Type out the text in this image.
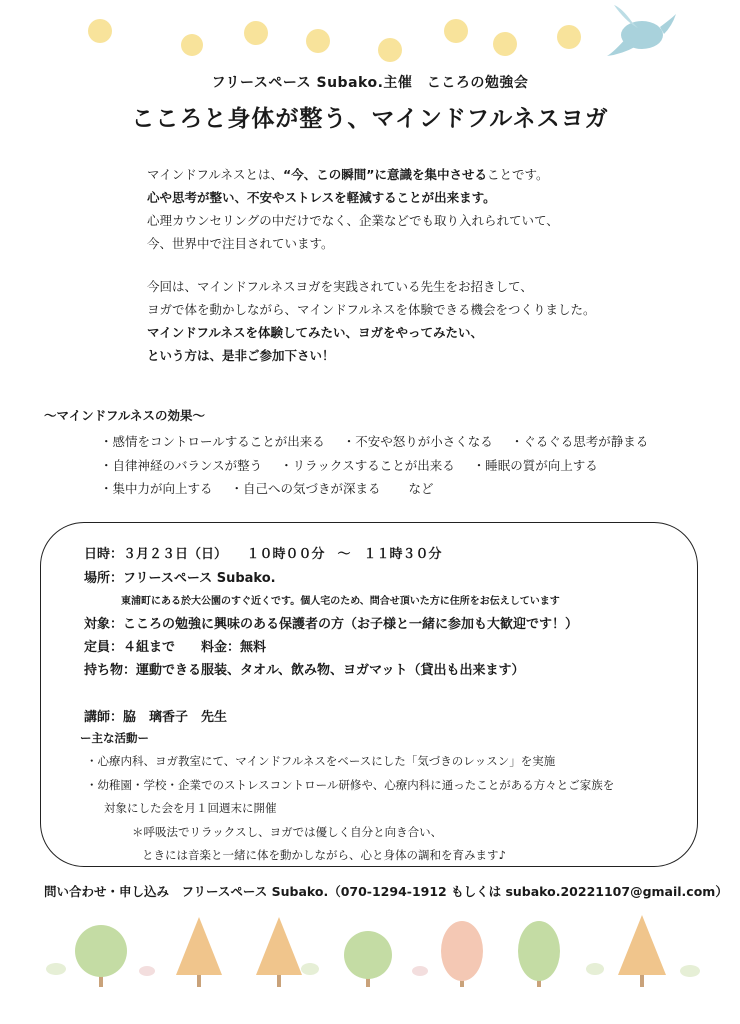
フリースペース Subako.主催　こころの勉強会
こころと身体が整う、マインドフルネスヨガ

マインドフルネスとは、“今、この瞬間”に意識を集中させることです。

心や思考が整い、不安やストレスを軽減することが出来ます。

心理カウンセリングの中だけでなく、企業などでも取り入れられていて、

今、世界中で注目されています。

今回は、マインドフルネスヨガを実践されている先生をお招きして、

ヨガで体を動かしながら、マインドフルネスを体験できる機会をつくりました。

マインドフルネスを体験してみたい、ヨガをやってみたい、

という方は、是非ご参加下さい！

～マインドフルネスの効果～
・感情をコントロールすることが出来る ・不安や怒りが小さくなる ・ぐるぐる思考が静まる
・自律神経のバランスが整う ・リラックスすることが出来る ・睡眠の質が向上する
・集中力が向上する ・自己への気づきが深まる など
日時：３月２３日（日）　　１０時００分　～　１１時３０分
場所：フリースペース Subako.
東浦町にある於大公園のすぐ近くです。個人宅のため、問合せ頂いた方に住所をお伝えしています
対象：こころの勉強に興味のある保護者の方（お子様と一緒に参加も大歓迎です！）
定員：４組まで　　料金：無料
持ち物：運動できる服装、タオル、飲み物、ヨガマット（貸出も出来ます）
講師：脇　璃香子　先生
ー主な活動ー
・心療内科、ヨガ教室にて、マインドフルネスをベースにした「気づきのレッスン」を実施
・幼稚園・学校・企業でのストレスコントロール研修や、心療内科に通ったことがある方々とご家族を
対象にした会を月１回週末に開催
＊呼吸法でリラックスし、ヨガでは優しく自分と向き合い、
ときには音楽と一緒に体を動かしながら、心と身体の調和を育みます♪
問い合わせ・申し込み　フリースペース Subako.（070-1294-1912 もしくは subako.20221107@gmail.com）
